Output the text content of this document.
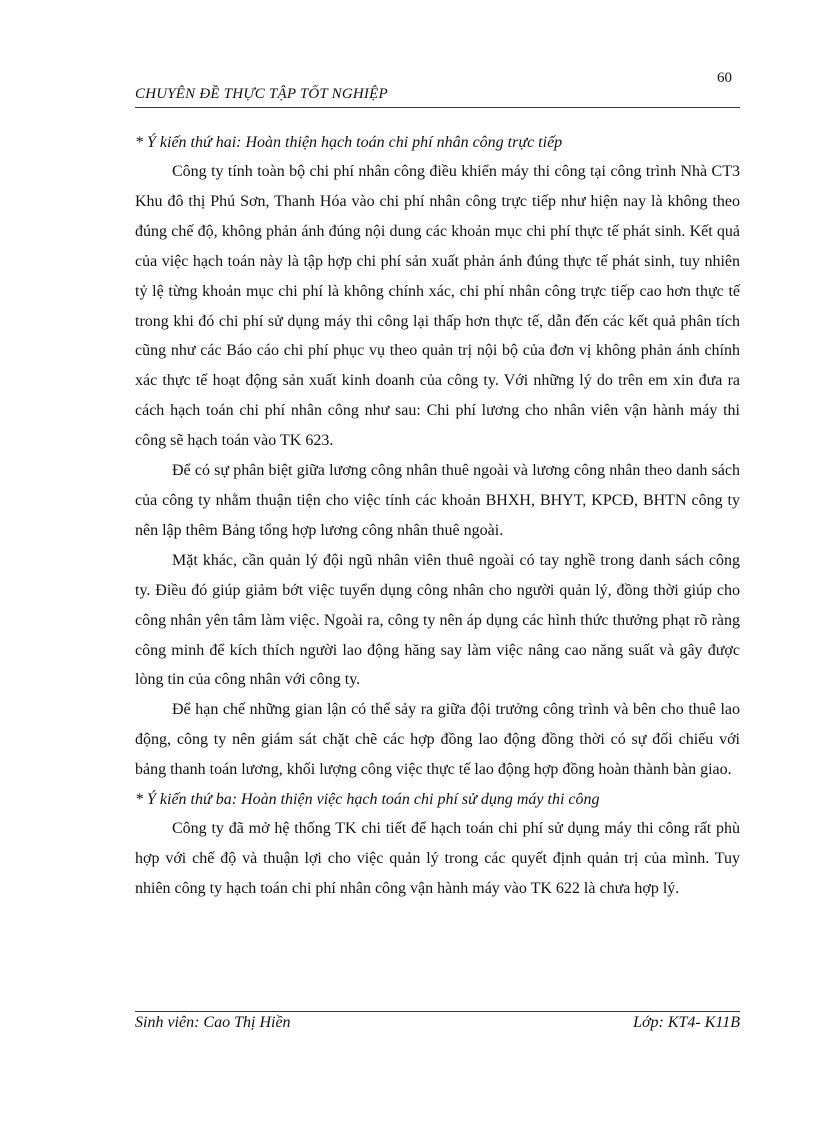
60
CHUYÊN ĐỀ THỰC TẬP TỐT NGHIỆP

* Ý kiến thứ hai: Hoàn thiện hạch toán chi phí nhân công trực tiếp

Công ty tính toàn bộ chi phí nhân công điều khiển máy thi công tại công trình Nhà CT3 Khu đô thị Phú Sơn, Thanh Hóa vào chi phí nhân công trực tiếp như hiện nay là không theo đúng chế độ, không phản ánh đúng nội dung các khoản mục chi phí thực tế phát sinh. Kết quả của việc hạch toán này là tập hợp chi phí sản xuất phản ánh đúng thực tế phát sinh, tuy nhiên tỷ lệ từng khoản mục chi phí là không chính xác, chi phí nhân công trực tiếp cao hơn thực tế trong khi đó chi phí sử dụng máy thi công lại thấp hơn thực tế, dẫn đến các kết quả phân tích cũng như các Báo cáo chi phí phục vụ theo quản trị nội bộ của đơn vị không phản ánh chính xác thực tế hoạt động sản xuất kinh doanh của công ty. Với những lý do trên em xin đưa ra cách hạch toán chi phí nhân công như sau: Chi phí lương cho nhân viên vận hành máy thi công sẽ hạch toán vào TK 623.

Để có sự phân biệt giữa lương công nhân thuê ngoài và lương công nhân theo danh sách của công ty nhằm thuận tiện cho việc tính các khoản BHXH, BHYT, KPCĐ, BHTN công ty nên lập thêm Bảng tổng hợp lương công nhân thuê ngoài.

Mặt khác, cần quản lý đội ngũ nhân viên thuê ngoài có tay nghề trong danh sách công ty. Điều đó giúp giảm bớt việc tuyển dụng công nhân cho người quản lý, đồng thời giúp cho công nhân yên tâm làm việc. Ngoài ra, công ty nên áp dụng các hình thức thưởng phạt rõ ràng công minh để kích thích người lao động hăng say làm việc nâng cao năng suất và gây được lòng tin của công nhân với công ty.

Để hạn chế những gian lận có thể sảy ra giữa đội trưởng công trình và bên cho thuê lao động, công ty nên giám sát chặt chẽ các hợp đồng lao động đồng thời có sự đối chiếu với bảng thanh toán lương, khối lượng công việc thực tế lao động hợp đồng hoàn thành bàn giao.

* Ý kiến thứ ba: Hoàn thiện việc hạch toán chi phí sử dụng máy thi công

Công ty đã mở hệ thống TK chi tiết để hạch toán chi phí sử dụng máy thi công rất phù hợp với chế độ và thuận lợi cho việc quản lý trong các quyết định quản trị của mình. Tuy nhiên công ty hạch toán chi phí nhân công vận hành máy vào TK 622 là chưa hợp lý.

Sinh viên: Cao Thị Hiền	Lớp: KT4- K11B
